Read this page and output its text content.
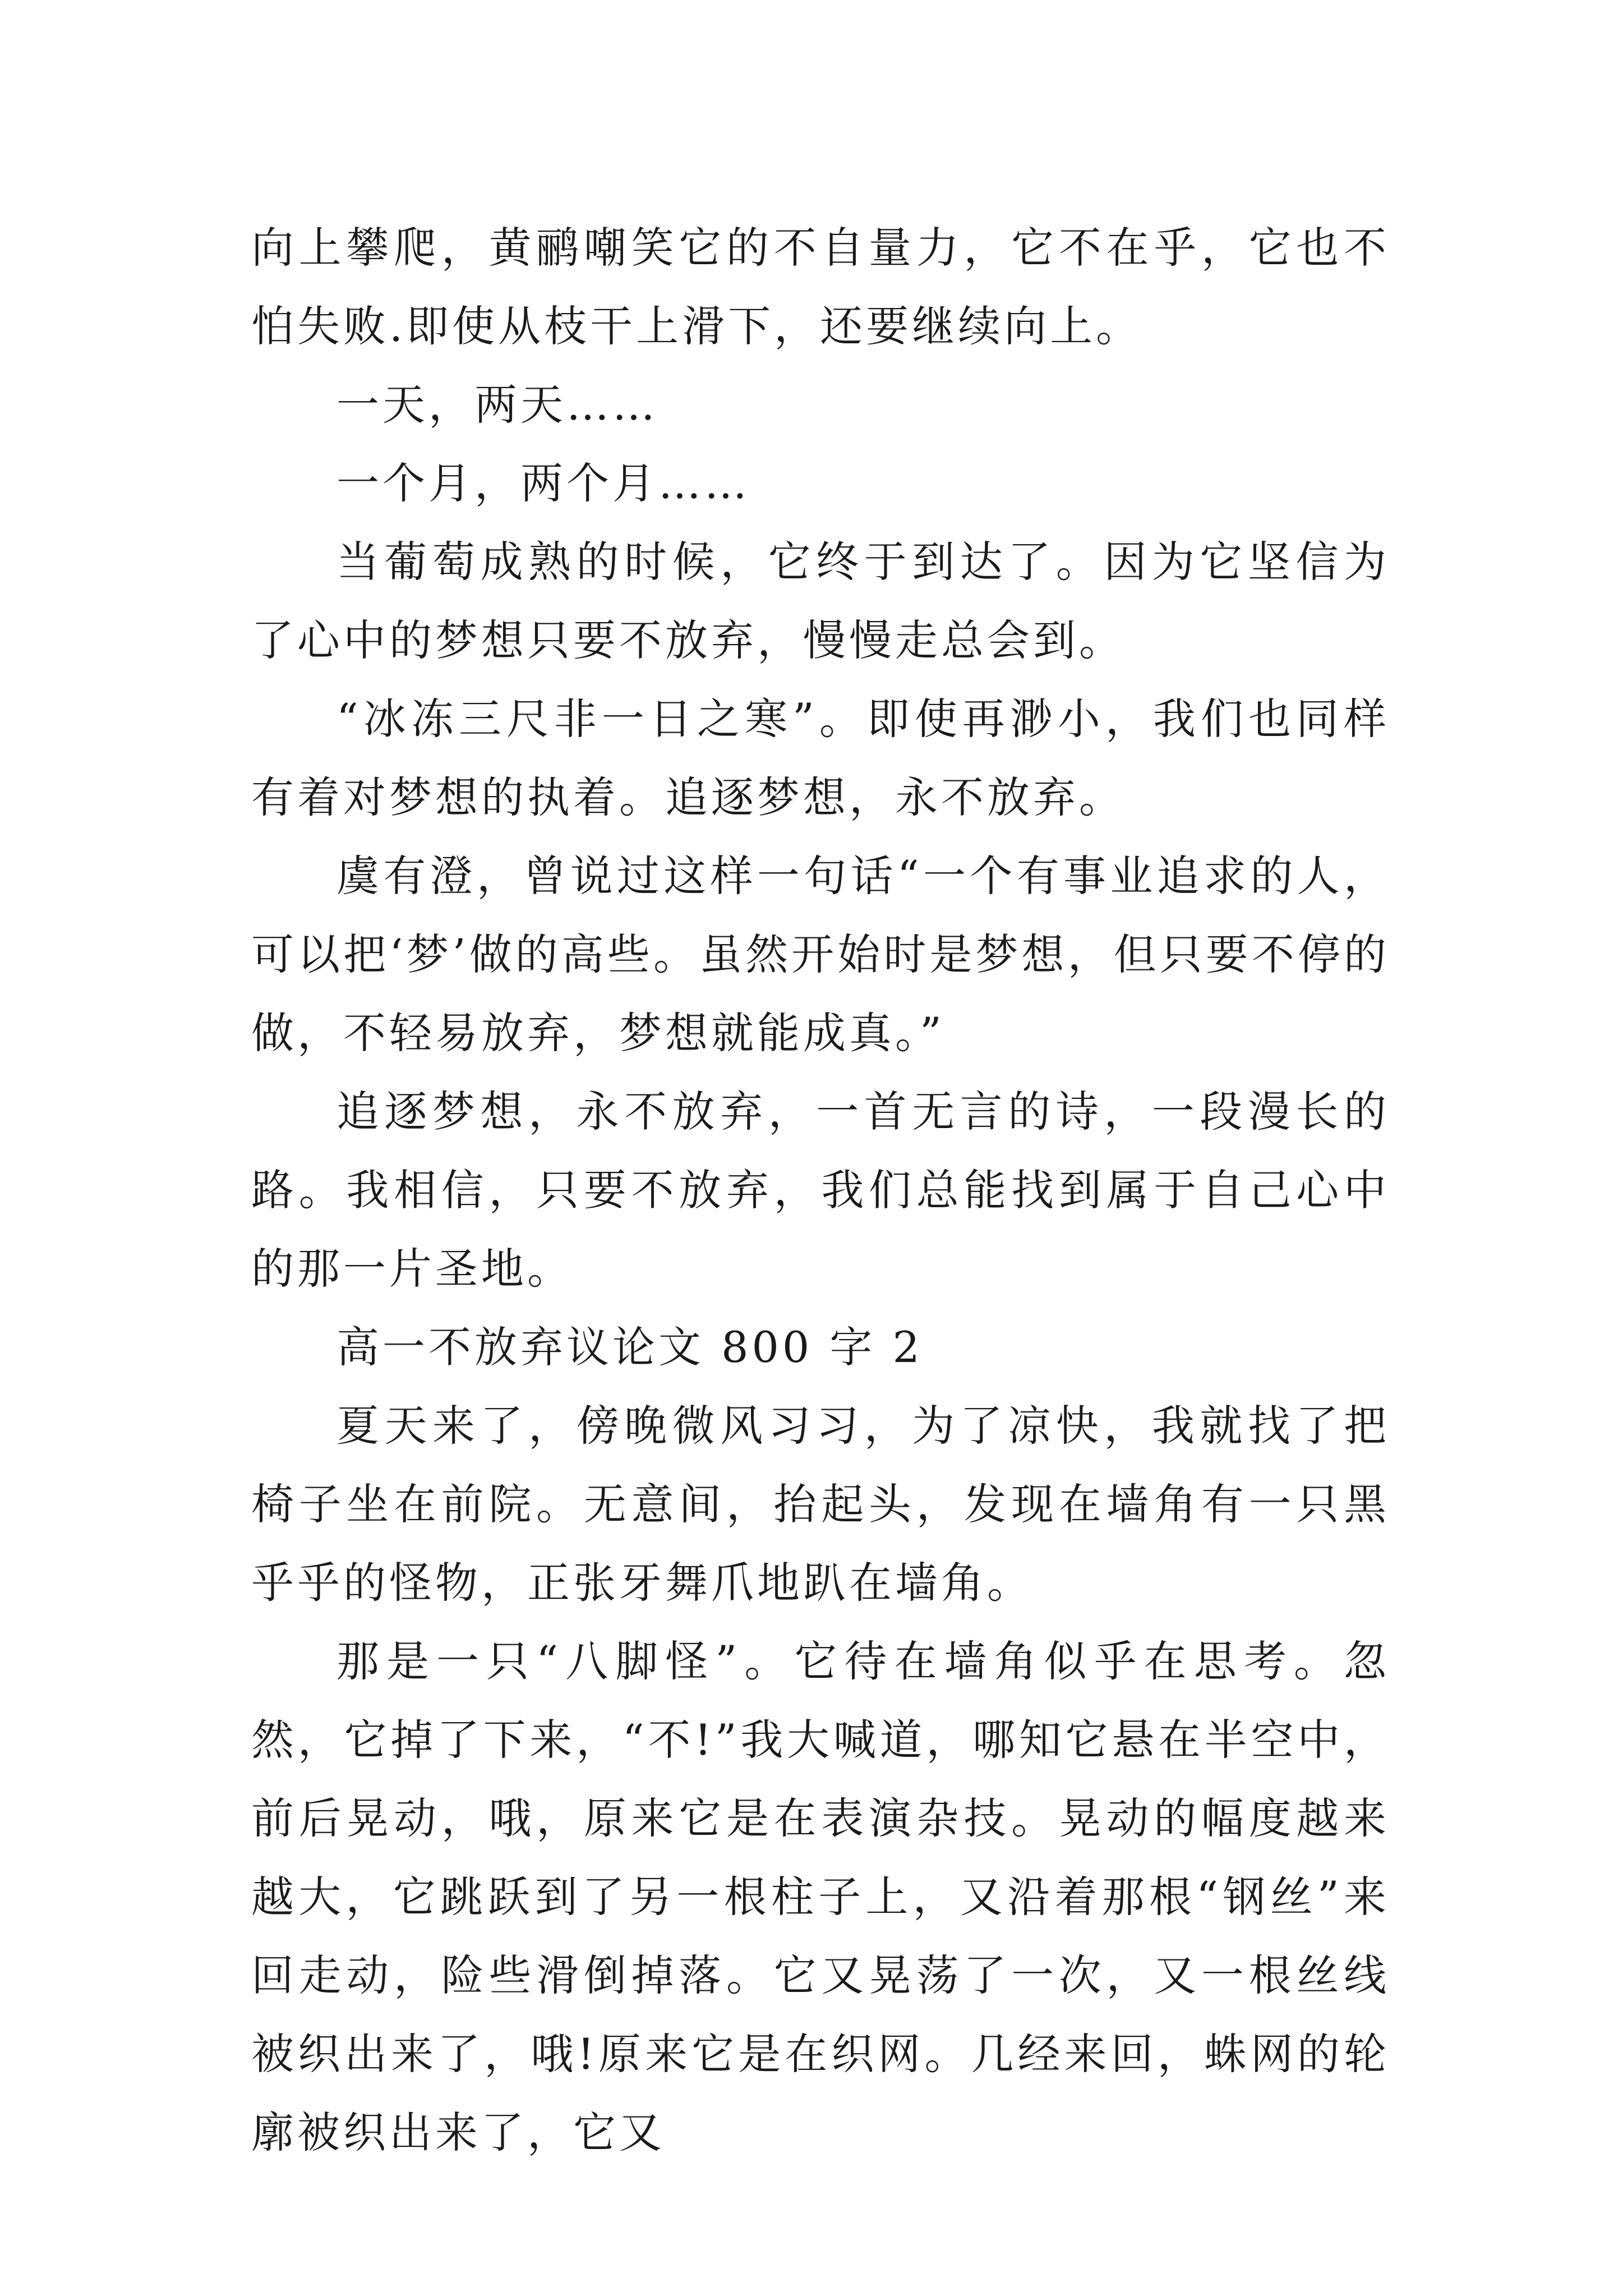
向上攀爬，黄鹂嘲笑它的不自量力，它不在乎，它也不怕失败.即使从枝干上滑下，还要继续向上。

一天，两天……

一个月，两个月……

当葡萄成熟的时候，它终于到达了。因为它坚信为了心中的梦想只要不放弃，慢慢走总会到。

“冰冻三尺非一日之寒”。即使再渺小，我们也同样有着对梦想的执着。追逐梦想，永不放弃。

虞有澄，曾说过这样一句话“一个有事业追求的人，可以把‘梦’做的高些。虽然开始时是梦想，但只要不停的做，不轻易放弃，梦想就能成真。”

追逐梦想，永不放弃，一首无言的诗，一段漫长的路。我相信，只要不放弃，我们总能找到属于自己心中的那一片圣地。

高一不放弃议论文 800 字 2

夏天来了，傍晚微风习习，为了凉快，我就找了把椅子坐在前院。无意间，抬起头，发现在墙角有一只黑乎乎的怪物，正张牙舞爪地趴在墙角。

那是一只“八脚怪”。它待在墙角似乎在思考。忽然，它掉了下来，“不!”我大喊道，哪知它悬在半空中，前后晃动，哦，原来它是在表演杂技。晃动的幅度越来越大，它跳跃到了另一根柱子上，又沿着那根“钢丝”来回走动，险些滑倒掉落。它又晃荡了一次，又一根丝线被织出来了，哦!原来它是在织网。几经来回，蛛网的轮廓被织出来了，它又
